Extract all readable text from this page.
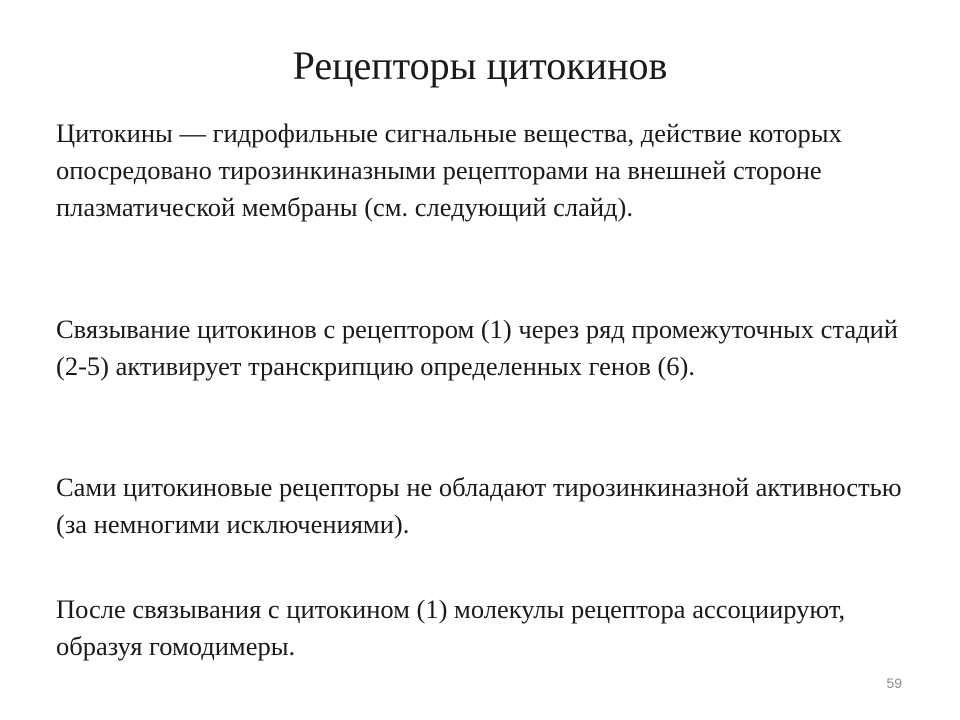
Рецепторы цитокинов

Цитокины — гидрофильные сигнальные вещества, действие которых опосредовано тирозинкиназными рецепторами на внешней стороне плазматической мембраны (см. следующий слайд).

Связывание цитокинов с рецептором (1) через ряд промежуточных стадий (2-5) активирует транскрипцию определенных генов (6).

Сами цитокиновые рецепторы не обладают тирозинкиназной активностью (за немногими исключениями).

После связывания с цитокином (1) молекулы рецептора ассоциируют, образуя гомодимеры.

59
